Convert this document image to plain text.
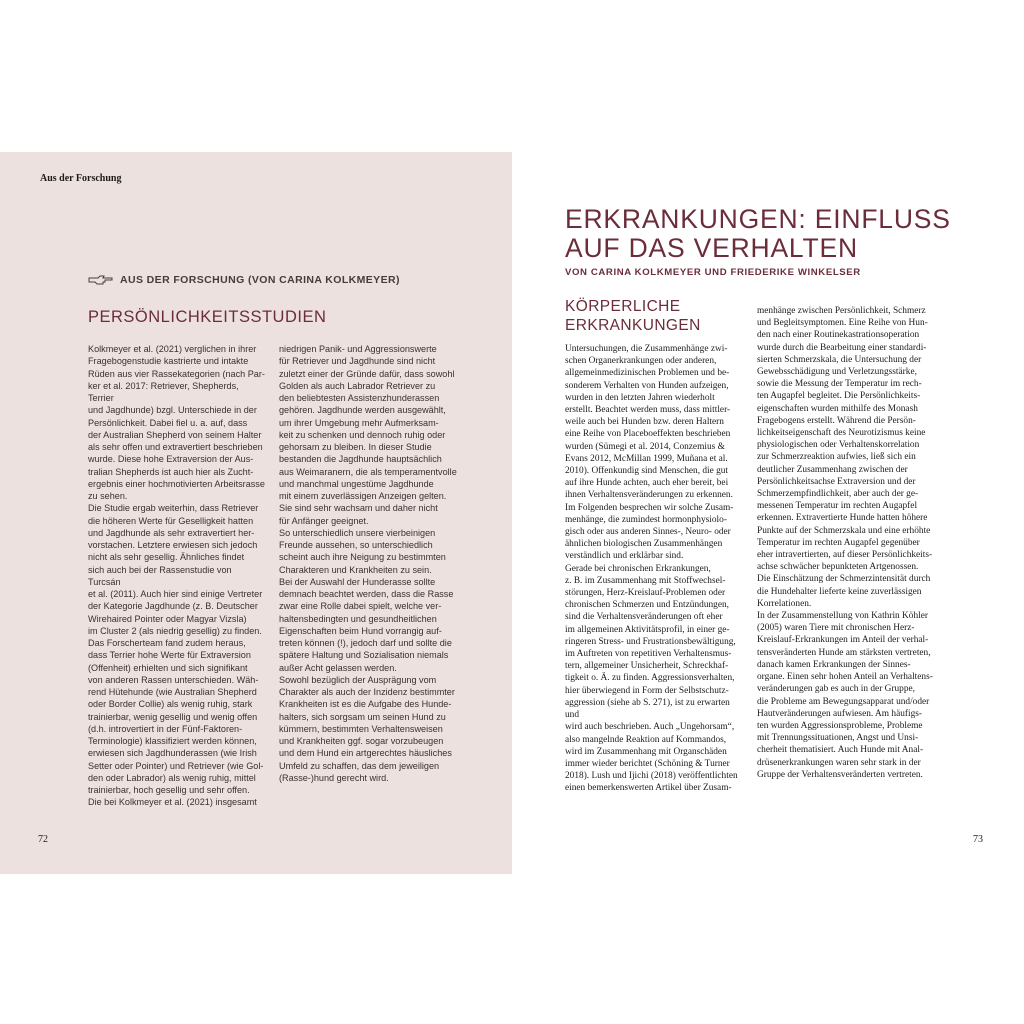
Aus der Forschung
AUS DER FORSCHUNG (VON CARINA KOLKMEYER)
PERSÖNLICHKEITSSTUDIEN

Kolkmeyer et al. (2021) verglichen in ihrer

Fragebogenstudie kastrierte und intakte

Rüden aus vier Rassekategorien (nach Par-

ker et al. 2017: Retriever, Shepherds, Terrier

und Jagdhunde) bzgl. Unterschiede in der

Persönlichkeit. Dabei fiel u. a. auf, dass

der Australian Shepherd von seinem Halter

als sehr offen und extravertiert beschrieben

wurde. Diese hohe Extraversion der Aus-

tralian Shepherds ist auch hier als Zucht-

ergebnis einer hochmotivierten Arbeitsrasse

zu sehen.

Die Studie ergab weiterhin, dass Retriever

die höheren Werte für Geselligkeit hatten

und Jagdhunde als sehr extravertiert her-

vorstachen. Letztere erwiesen sich jedoch

nicht als sehr gesellig. Ähnliches findet

sich auch bei der Rassenstudie von Turcsán

et al. (2011). Auch hier sind einige Vertreter

der Kategorie Jagdhunde (z. B. Deutscher

Wirehaired Pointer oder Magyar Vizsla)

im Cluster 2 (als niedrig gesellig) zu finden.

Das Forscherteam fand zudem heraus,

dass Terrier hohe Werte für Extraversion

(Offenheit) erhielten und sich signifikant

von anderen Rassen unterschieden. Wäh-

rend Hütehunde (wie Australian Shepherd

oder Border Collie) als wenig ruhig, stark

trainierbar, wenig gesellig und wenig offen

(d.h. introvertiert in der Fünf-Faktoren-

Terminologie) klassifiziert werden können,

erwiesen sich Jagdhunderassen (wie Irish

Setter oder Pointer) und Retriever (wie Gol-

den oder Labrador) als wenig ruhig, mittel

trainierbar, hoch gesellig und sehr offen.

Die bei Kolkmeyer et al. (2021) insgesamt

niedrigen Panik- und Aggressionswerte

für Retriever und Jagdhunde sind nicht

zuletzt einer der Gründe dafür, dass sowohl

Golden als auch Labrador Retriever zu

den beliebtesten Assistenzhunderassen

gehören. Jagdhunde werden ausgewählt,

um ihrer Umgebung mehr Aufmerksam-

keit zu schenken und dennoch ruhig oder

gehorsam zu bleiben. In dieser Studie

bestanden die Jagdhunde hauptsächlich

aus Weimaranern, die als temperamentvolle

und manchmal ungestüme Jagdhunde

mit einem zuverlässigen Anzeigen gelten.

Sie sind sehr wachsam und daher nicht

für Anfänger geeignet.

So unterschiedlich unsere vierbeinigen

Freunde aussehen, so unterschiedlich

scheint auch ihre Neigung zu bestimmten

Charakteren und Krankheiten zu sein.

Bei der Auswahl der Hunderasse sollte

demnach beachtet werden, dass die Rasse

zwar eine Rolle dabei spielt, welche ver-

haltensbedingten und gesundheitlichen

Eigenschaften beim Hund vorrangig auf-

treten können (!), jedoch darf und sollte die

spätere Haltung und Sozialisation niemals

außer Acht gelassen werden.

Sowohl bezüglich der Ausprägung vom

Charakter als auch der Inzidenz bestimmter

Krankheiten ist es die Aufgabe des Hunde-

halters, sich sorgsam um seinen Hund zu

kümmern, bestimmten Verhaltensweisen

und Krankheiten ggf. sogar vorzubeugen

und dem Hund ein artgerechtes häusliches

Umfeld zu schaffen, das dem jeweiligen

(Rasse-)hund gerecht wird.

72
ERKRANKUNGEN: EINFLUSS
AUF DAS VERHALTEN
VON CARINA KOLKMEYER UND FRIEDERIKE WINKELSER
KÖRPERLICHE
ERKRANKUNGEN

Untersuchungen, die Zusammenhänge zwi-

schen Organerkrankungen oder anderen,

allgemeinmedizinischen Problemen und be-

sonderem Verhalten von Hunden aufzeigen,

wurden in den letzten Jahren wiederholt

erstellt. Beachtet werden muss, dass mittler-

weile auch bei Hunden bzw. deren Haltern

eine Reihe von Placeboeffekten beschrieben

wurden (Sümegi et al. 2014, Conzemius &

Evans 2012, McMillan 1999, Muñana et al.

2010). Offenkundig sind Menschen, die gut

auf ihre Hunde achten, auch eher bereit, bei

ihnen Verhaltensveränderungen zu erkennen.

Im Folgenden besprechen wir solche Zusam-

menhänge, die zumindest hormonphysiolo-

gisch oder aus anderen Sinnes-, Neuro- oder

ähnlichen biologischen Zusammenhängen

verständlich und erklärbar sind.

Gerade bei chronischen Erkrankungen,

z. B. im Zusammenhang mit Stoffwechsel-

störungen, Herz-Kreislauf-Problemen oder

chronischen Schmerzen und Entzündungen,

sind die Verhaltensveränderungen oft eher

im allgemeinen Aktivitätsprofil, in einer ge-

ringeren Stress- und Frustrationsbewältigung,

im Auftreten von repetitiven Verhaltensmus-

tern, allgemeiner Unsicherheit, Schreckhaf-

tigkeit o. Ä. zu finden. Aggressionsverhalten,

hier überwiegend in Form der Selbstschutz-

aggression (siehe ab S. 271), ist zu erwarten und

wird auch beschrieben. Auch „Ungehorsam“,

also mangelnde Reaktion auf Kommandos,

wird im Zusammenhang mit Organschäden

immer wieder berichtet (Schöning & Turner

2018). Lush und Ijichi (2018) veröffentlichten

einen bemerkenswerten Artikel über Zusam-

menhänge zwischen Persönlichkeit, Schmerz

und Begleitsymptomen. Eine Reihe von Hun-

den nach einer Routinekastrationsoperation

wurde durch die Bearbeitung einer standardi-

sierten Schmerzskala, die Untersuchung der

Gewebsschädigung und Verletzungsstärke,

sowie die Messung der Temperatur im rech-

ten Augapfel begleitet. Die Persönlichkeits-

eigenschaften wurden mithilfe des Monash

Fragebogens erstellt. Während die Persön-

lichkeitseigenschaft des Neurotizismus keine

physiologischen oder Verhaltenskorrelation

zur Schmerzreaktion aufwies, ließ sich ein

deutlicher Zusammenhang zwischen der

Persönlichkeitsachse Extraversion und der

Schmerzempfindlichkeit, aber auch der ge-

messenen Temperatur im rechten Augapfel

erkennen. Extravertierte Hunde hatten höhere

Punkte auf der Schmerzskala und eine erhöhte

Temperatur im rechten Augapfel gegenüber

eher intravertierten, auf dieser Persönlichkeits-

achse schwächer bepunkteten Artgenossen.

Die Einschätzung der Schmerzintensität durch

die Hundehalter lieferte keine zuverlässigen

Korrelationen.

In der Zusammenstellung von Kathrin Köhler

(2005) waren Tiere mit chronischen Herz-

Kreislauf-Erkrankungen im Anteil der verhal-

tensveränderten Hunde am stärksten vertreten,

danach kamen Erkrankungen der Sinnes-

organe. Einen sehr hohen Anteil an Verhaltens-

veränderungen gab es auch in der Gruppe,

die Probleme am Bewegungsapparat und/oder

Hautveränderungen aufwiesen. Am häufigs-

ten wurden Aggressionsprobleme, Probleme

mit Trennungssituationen, Angst und Unsi-

cherheit thematisiert. Auch Hunde mit Anal-

drüsenerkrankungen waren sehr stark in der

Gruppe der Verhaltensveränderten vertreten.

73
